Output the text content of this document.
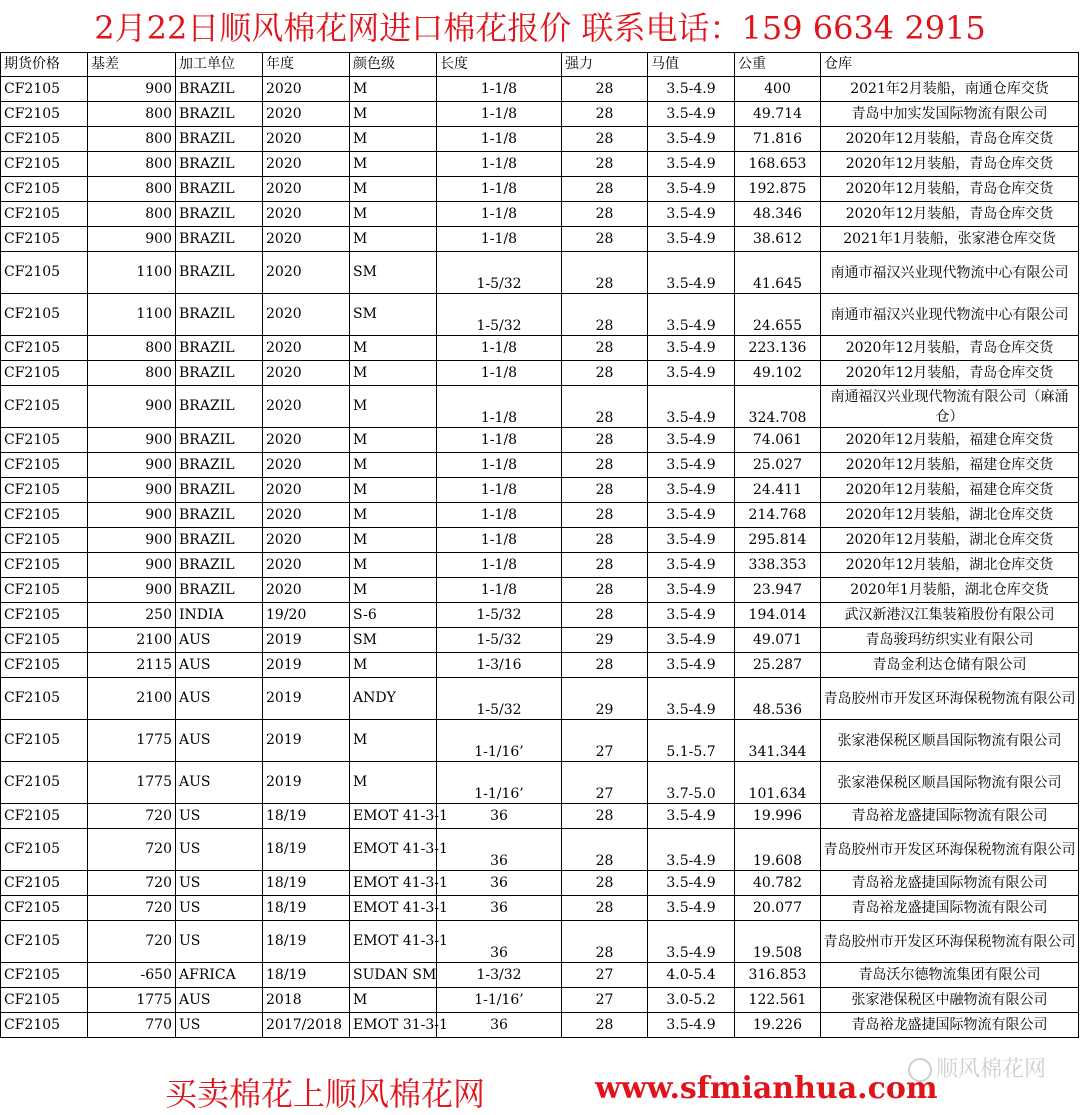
2月22日顺风棉花网进口棉花报价 联系电话：159 6634 2915
期货价格	基差	加工单位	年度	颜色级	长度	强力	马值	公重	仓库
CF2105	900	BRAZIL	2020	M	1-1/8	28	3.5-4.9	400	2021年2月装船，南通仓库交货
CF2105	800	BRAZIL	2020	M	1-1/8	28	3.5-4.9	49.714	青岛中加实发国际物流有限公司
CF2105	800	BRAZIL	2020	M	1-1/8	28	3.5-4.9	71.816	2020年12月装船，青岛仓库交货
CF2105	800	BRAZIL	2020	M	1-1/8	28	3.5-4.9	168.653	2020年12月装船，青岛仓库交货
CF2105	800	BRAZIL	2020	M	1-1/8	28	3.5-4.9	192.875	2020年12月装船，青岛仓库交货
CF2105	800	BRAZIL	2020	M	1-1/8	28	3.5-4.9	48.346	2020年12月装船，青岛仓库交货
CF2105	900	BRAZIL	2020	M	1-1/8	28	3.5-4.9	38.612	2021年1月装船，张家港仓库交货
CF2105	1100	BRAZIL	2020	SM	1-5/32	28	3.5-4.9	41.645	南通市福汉兴业现代物流中心有限公司
CF2105	1100	BRAZIL	2020	SM	1-5/32	28	3.5-4.9	24.655	南通市福汉兴业现代物流中心有限公司
CF2105	800	BRAZIL	2020	M	1-1/8	28	3.5-4.9	223.136	2020年12月装船，青岛仓库交货
CF2105	800	BRAZIL	2020	M	1-1/8	28	3.5-4.9	49.102	2020年12月装船，青岛仓库交货
CF2105	900	BRAZIL	2020	M	1-1/8	28	3.5-4.9	324.708	南通福汉兴业现代物流有限公司（麻涌仓）
CF2105	900	BRAZIL	2020	M	1-1/8	28	3.5-4.9	74.061	2020年12月装船，福建仓库交货
CF2105	900	BRAZIL	2020	M	1-1/8	28	3.5-4.9	25.027	2020年12月装船，福建仓库交货
CF2105	900	BRAZIL	2020	M	1-1/8	28	3.5-4.9	24.411	2020年12月装船，福建仓库交货
CF2105	900	BRAZIL	2020	M	1-1/8	28	3.5-4.9	214.768	2020年12月装船，湖北仓库交货
CF2105	900	BRAZIL	2020	M	1-1/8	28	3.5-4.9	295.814	2020年12月装船，湖北仓库交货
CF2105	900	BRAZIL	2020	M	1-1/8	28	3.5-4.9	338.353	2020年12月装船，湖北仓库交货
CF2105	900	BRAZIL	2020	M	1-1/8	28	3.5-4.9	23.947	2020年1月装船，湖北仓库交货
CF2105	250	INDIA	19/20	S-6	1-5/32	28	3.5-4.9	194.014	武汉新港汉江集装箱股份有限公司
CF2105	2100	AUS	2019	SM	1-5/32	29	3.5-4.9	49.071	青岛骏玛纺织实业有限公司
CF2105	2115	AUS	2019	M	1-3/16	28	3.5-4.9	25.287	青岛金利达仓储有限公司
CF2105	2100	AUS	2019	ANDY	1-5/32	29	3.5-4.9	48.536	青岛胶州市开发区环海保税物流有限公司
CF2105	1775	AUS	2019	M	1-1/16’	27	5.1-5.7	341.344	张家港保税区顺昌国际物流有限公司
CF2105	1775	AUS	2019	M	1-1/16’	27	3.7-5.0	101.634	张家港保税区顺昌国际物流有限公司
CF2105	720	US	18/19	EMOT 41-3-1	36	28	3.5-4.9	19.996	青岛裕龙盛捷国际物流有限公司
CF2105	720	US	18/19	EMOT 41-3-1	36	28	3.5-4.9	19.608	青岛胶州市开发区环海保税物流有限公司
CF2105	720	US	18/19	EMOT 41-3-1	36	28	3.5-4.9	40.782	青岛裕龙盛捷国际物流有限公司
CF2105	720	US	18/19	EMOT 41-3-1	36	28	3.5-4.9	20.077	青岛裕龙盛捷国际物流有限公司
CF2105	720	US	18/19	EMOT 41-3-1	36	28	3.5-4.9	19.508	青岛胶州市开发区环海保税物流有限公司
CF2105	-650	AFRICA	18/19	SUDAN SM	1-3/32	27	4.0-5.4	316.853	青岛沃尔德物流集团有限公司
CF2105	1775	AUS	2018	M	1-1/16’	27	3.0-5.2	122.561	张家港保税区中融物流有限公司
CF2105	770	US	2017/2018	EMOT 31-3-1	36	28	3.5-4.9	19.226	青岛裕龙盛捷国际物流有限公司
买卖棉花上顺风棉花网	www.sfmianhua.com
顺风棉花网
